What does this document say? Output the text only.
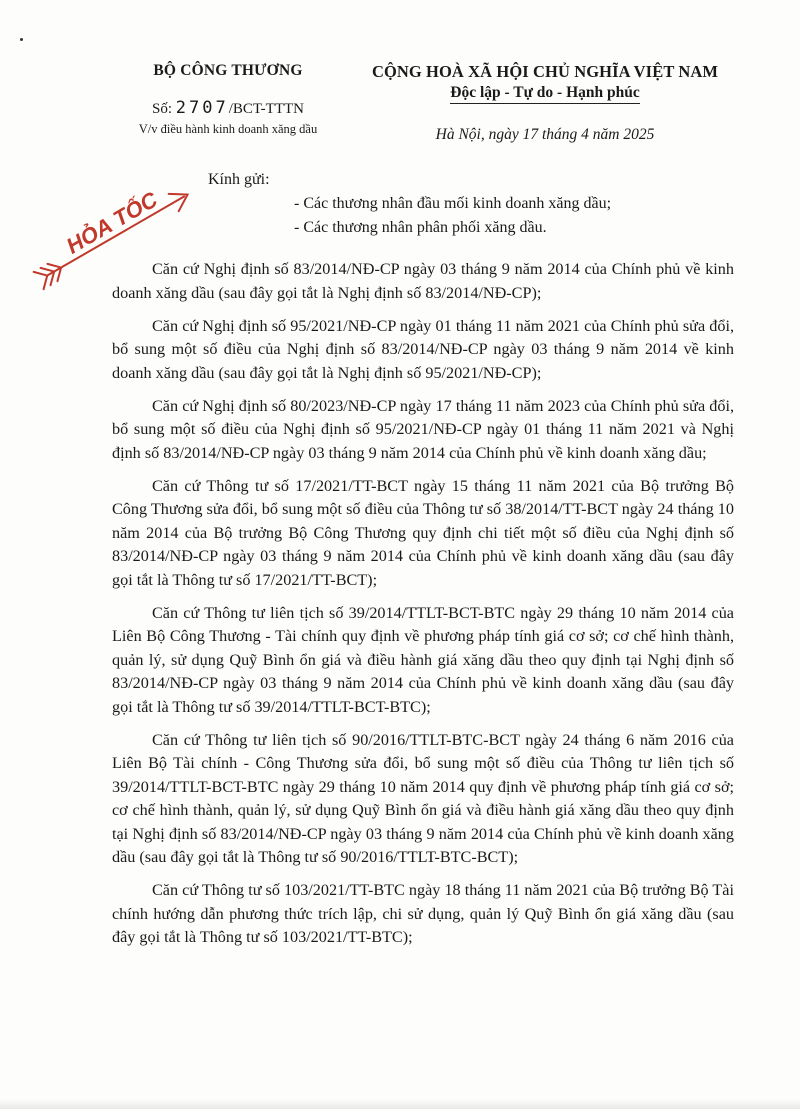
BỘ CÔNG THƯƠNG
Số: 2707/BCT-TTTN
V/v điều hành kinh doanh xăng dầu
CỘNG HOÀ XÃ HỘI CHỦ NGHĨA VIỆT NAM
Độc lập - Tự do - Hạnh phúc
Hà Nội, ngày 17 tháng 4 năm 2025
HỎA TỐC
Kính gửi:
- Các thương nhân đầu mối kinh doanh xăng dầu;
- Các thương nhân phân phối xăng dầu.

Căn cứ Nghị định số 83/2014/NĐ-CP ngày 03 tháng 9 năm 2014 của Chính phủ về kinh doanh xăng dầu (sau đây gọi tắt là Nghị định số 83/2014/NĐ-CP);

Căn cứ Nghị định số 95/2021/NĐ-CP ngày 01 tháng 11 năm 2021 của Chính phủ sửa đổi, bổ sung một số điều của Nghị định số 83/2014/NĐ-CP ngày 03 tháng 9 năm 2014 về kinh doanh xăng dầu (sau đây gọi tắt là Nghị định số 95/2021/NĐ-CP);

Căn cứ Nghị định số 80/2023/NĐ-CP ngày 17 tháng 11 năm 2023 của Chính phủ sửa đổi, bổ sung một số điều của Nghị định số 95/2021/NĐ-CP ngày 01 tháng 11 năm 2021 và Nghị định số 83/2014/NĐ-CP ngày 03 tháng 9 năm 2014 của Chính phủ về kinh doanh xăng dầu;

Căn cứ Thông tư số 17/2021/TT-BCT ngày 15 tháng 11 năm 2021 của Bộ trưởng Bộ Công Thương sửa đổi, bổ sung một số điều của Thông tư số 38/2014/TT-BCT ngày 24 tháng 10 năm 2014 của Bộ trưởng Bộ Công Thương quy định chi tiết một số điều của Nghị định số 83/2014/NĐ-CP ngày 03 tháng 9 năm 2014 của Chính phủ về kinh doanh xăng dầu (sau đây gọi tắt là Thông tư số 17/2021/TT-BCT);

Căn cứ Thông tư liên tịch số 39/2014/TTLT-BCT-BTC ngày 29 tháng 10 năm 2014 của Liên Bộ Công Thương - Tài chính quy định về phương pháp tính giá cơ sở; cơ chế hình thành, quản lý, sử dụng Quỹ Bình ổn giá và điều hành giá xăng dầu theo quy định tại Nghị định số 83/2014/NĐ-CP ngày 03 tháng 9 năm 2014 của Chính phủ về kinh doanh xăng dầu (sau đây gọi tắt là Thông tư số 39/2014/TTLT-BCT-BTC);

Căn cứ Thông tư liên tịch số 90/2016/TTLT-BTC-BCT ngày 24 tháng 6 năm 2016 của Liên Bộ Tài chính - Công Thương sửa đổi, bổ sung một số điều của Thông tư liên tịch số 39/2014/TTLT-BCT-BTC ngày 29 tháng 10 năm 2014 quy định về phương pháp tính giá cơ sở; cơ chế hình thành, quản lý, sử dụng Quỹ Bình ổn giá và điều hành giá xăng dầu theo quy định tại Nghị định số 83/2014/NĐ-CP ngày 03 tháng 9 năm 2014 của Chính phủ về kinh doanh xăng dầu (sau đây gọi tắt là Thông tư số 90/2016/TTLT-BTC-BCT);

Căn cứ Thông tư số 103/2021/TT-BTC ngày 18 tháng 11 năm 2021 của Bộ trưởng Bộ Tài chính hướng dẫn phương thức trích lập, chi sử dụng, quản lý Quỹ Bình ổn giá xăng dầu (sau đây gọi tắt là Thông tư số 103/2021/TT-BTC);
